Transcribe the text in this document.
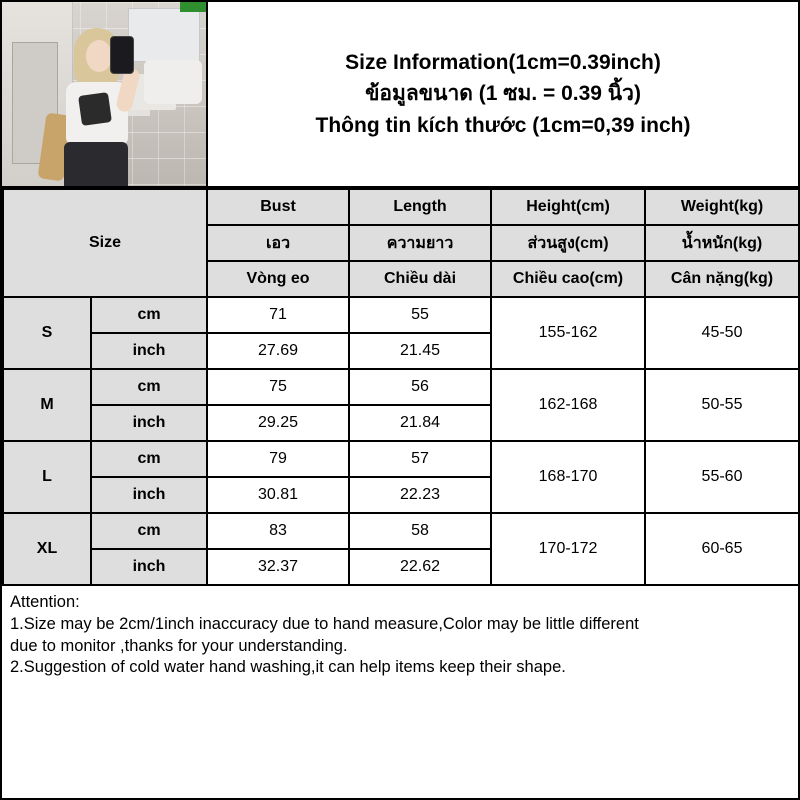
Size Information(1cm=0.39inch)
ข้อมูลขนาด (1 ซม. = 0.39 นิ้ว)
Thông tin kích thước (1cm=0,39 inch)
Size		Bust	Length	Height(cm)	Weight(kg)
		เอว	ความยาว	ส่วนสูง(cm)	น้ำหนัก(kg)
		Vòng eo	Chiều dài	Chiều cao(cm)	Cân nặng(kg)
S	cm	71	55	155-162	45-50
	inch	27.69	21.45		
M	cm	75	56	162-168	50-55
	inch	29.25	21.84		
L	cm	79	57	168-170	55-60
	inch	30.81	22.23		
XL	cm	83	58	170-172	60-65
	inch	32.37	22.62		

Attention:

1.Size may be 2cm/1inch inaccuracy due to hand measure,Color may be little different

due to monitor ,thanks for your understanding.

2.Suggestion of cold water hand washing,it can help items keep their shape.
